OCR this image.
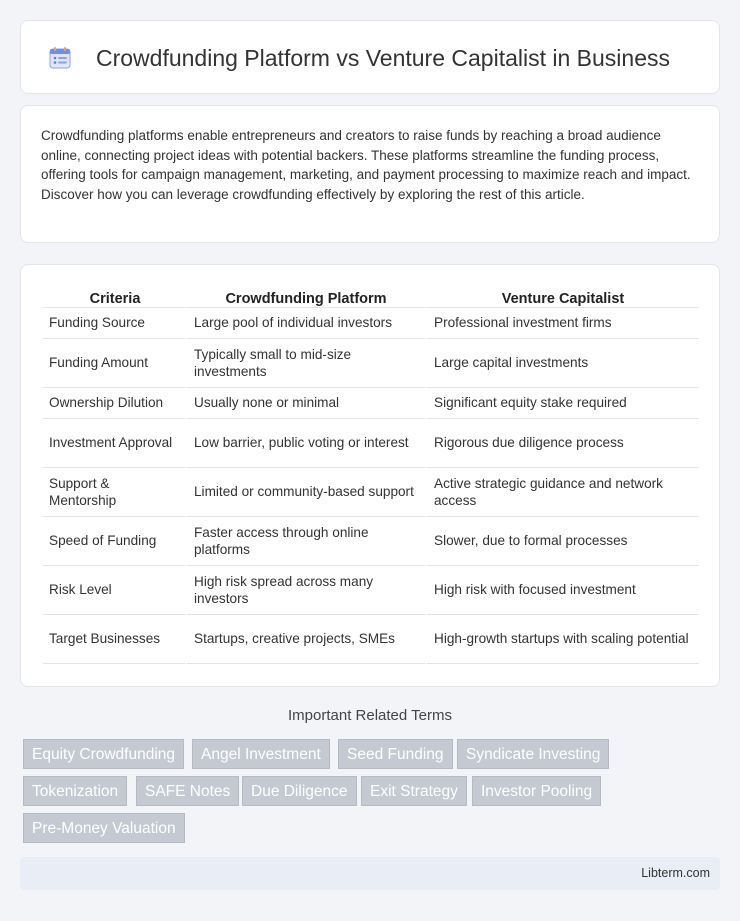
Crowdfunding Platform vs Venture Capitalist in Business

Crowdfunding platforms enable entrepreneurs and creators to raise funds by reaching a broad audience online, connecting project ideas with potential backers. These platforms streamline the funding process, offering tools for campaign management, marketing, and payment processing to maximize reach and impact. Discover how you can leverage crowdfunding effectively by exploring the rest of this article.

Criteria	Crowdfunding Platform	Venture Capitalist
Funding Source	Large pool of individual investors	Professional investment firms
Funding Amount	Typically small to mid-size investments	Large capital investments
Ownership Dilution	Usually none or minimal	Significant equity stake required
Investment Approval	Low barrier, public voting or interest	Rigorous due diligence process
Support & Mentorship	Limited or community-based support	Active strategic guidance and network access
Speed of Funding	Faster access through online platforms	Slower, due to formal processes
Risk Level	High risk spread across many investors	High risk with focused investment
Target Businesses	Startups, creative projects, SMEs	High-growth startups with scaling potential
Important Related Terms
Equity Crowdfunding	Angel Investment	Seed Funding	Syndicate Investing
Tokenization	SAFE Notes	Due Diligence	Exit Strategy	Investor Pooling
Pre-Money Valuation
Libterm.com
